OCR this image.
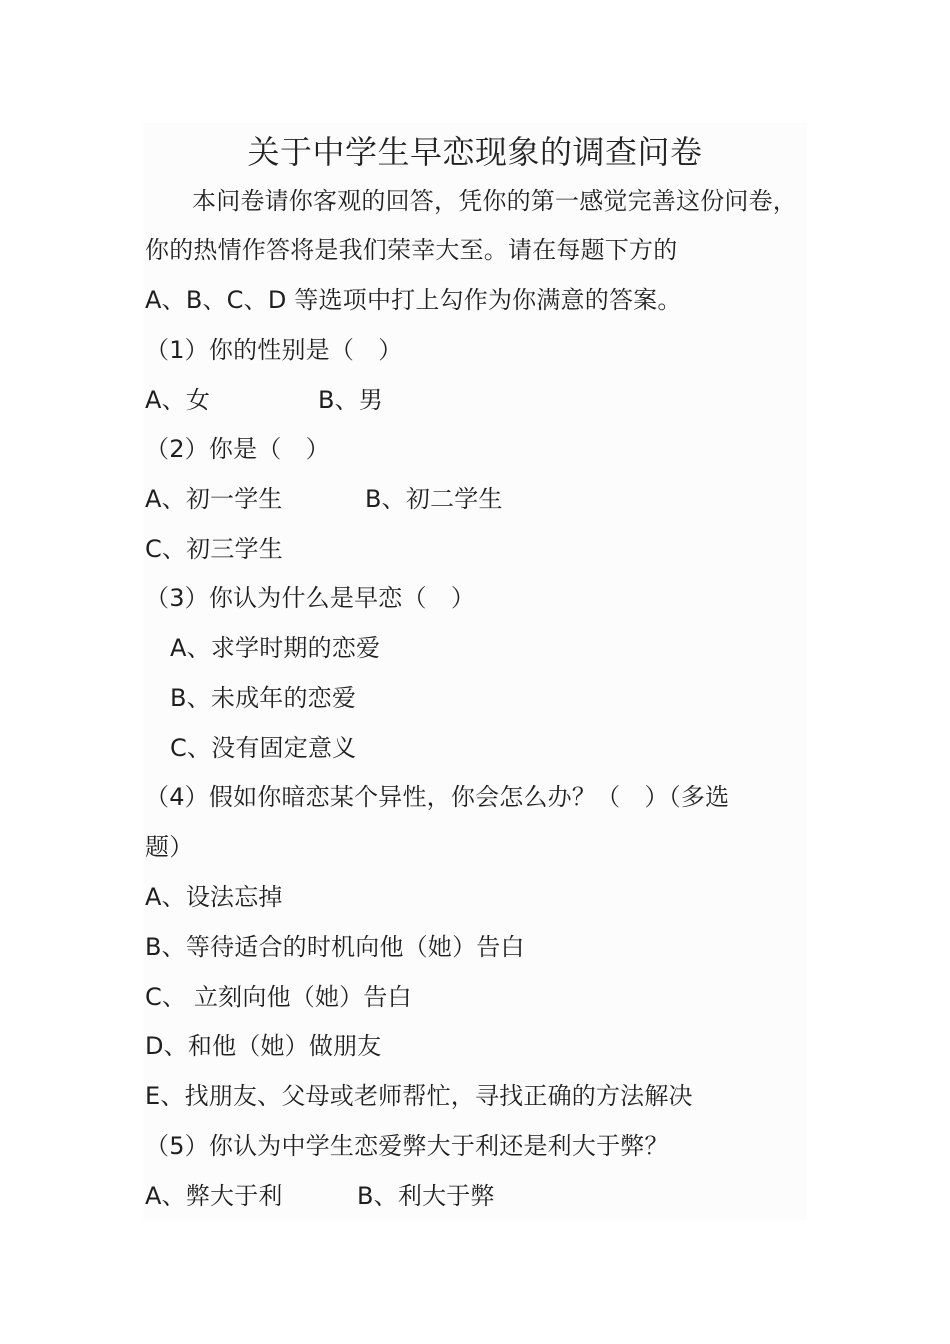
关于中学生早恋现象的调查问卷
本问卷请你客观的回答，凭你的第一感觉完善这份问卷，
你的热情作答将是我们荣幸大至。请在每题下方的
A、B、C、D 等选项中打上勾作为你满意的答案。
（1）你的性别是（　）
A、女	B、男
（2）你是（　）
A、初一学生	B、初二学生
C、初三学生
（3）你认为什么是早恋（　）
A、求学时期的恋爱
B、未成年的恋爱
C、没有固定意义
（4）假如你暗恋某个异性，你会怎么办？（　）（多选
题）
A、设法忘掉
B、等待适合的时机向他（她）告白
C、 立刻向他（她）告白
D、和他（她）做朋友
E、找朋友、父母或老师帮忙，寻找正确的方法解决
（5）你认为中学生恋爱弊大于利还是利大于弊？
A、弊大于利	B、利大于弊
